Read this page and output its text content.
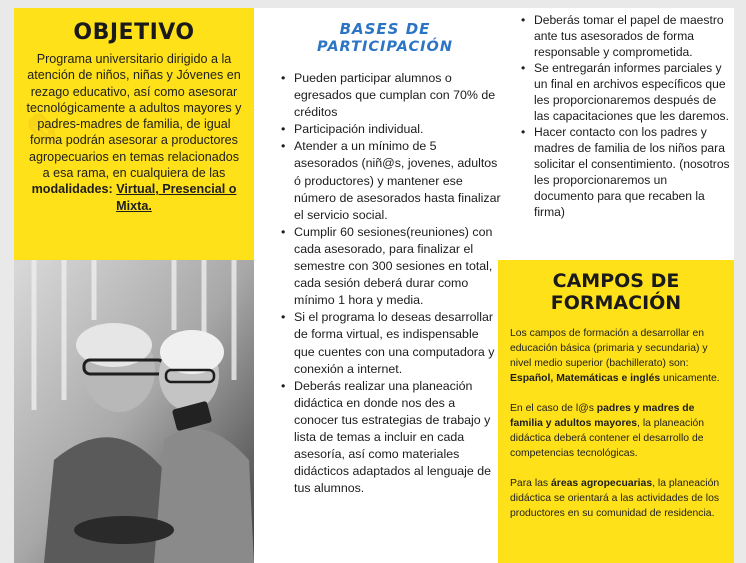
✎
OBJETIVO
Programa universitario dirigido a la atención de niños, niñas y Jóvenes en rezago educativo, así como asesorar tecnológicamente a adultos mayores y padres-madres de familia, de igual forma podrán asesorar a productores agropecuarios en temas relacionados a esa rama, en cualquiera de las modalidades: Virtual, Presencial o Mixta.
BASES DE
PARTICIPACIÓN
• Pueden participar alumnos o egresados que cumplan con 70% de créditos
• Participación individual.
• Atender a un mínimo de 5 asesorados (niñ@s, jovenes, adultos ó productores) y mantener ese número de asesorados hasta finalizar el servicio social.
• Cumplir 60 sesiones(reuniones) con cada asesorado, para finalizar el semestre con 300 sesiones en total, cada sesión deberá durar como mínimo 1 hora y media.
• Si el programa lo deseas desarrollar de forma virtual, es indispensable que cuentes con una computadora y conexión a internet.
• Deberás realizar una planeación didáctica en donde nos des a conocer tus estrategias de trabajo y lista de temas a incluir en cada asesoría, así como materiales didácticos adaptados al lenguaje de tus alumnos.
• Deberás tomar el papel de maestro ante tus asesorados de forma responsable y comprometida.
• Se entregarán informes parciales y un final en archivos específicos que les proporcionaremos después de las capacitaciones que les daremos.
• Hacer contacto con los padres y madres de familia de los niños para solicitar el consentimiento. (nosotros les proporcionaremos un documento para que recaben la firma)
CAMPOS DE
FORMACIÓN

Los campos de formación a desarrollar en educación básica (primaria y secundaria) y nivel medio superior (bachillerato) son: Español, Matemáticas e inglés unicamente.

En el caso de l@s padres y madres de familia y adultos mayores, la planeación didáctica deberá contener el desarrollo de competencias tecnológicas.

Para las áreas agropecuarias, la planeación didáctica se orientará a las actividades de los productores en su comunidad de residencia.
